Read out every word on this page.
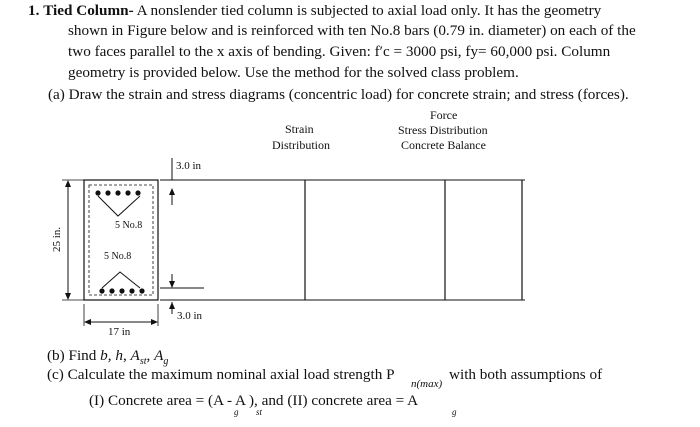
1. Tied Column- A nonslender tied column is subjected to axial load only. It has the geometry
shown in Figure below and is reinforced with ten No.8 bars (0.79 in. diameter) on each of the
two faces parallel to the x axis of bending. Given: f′c = 3000 psi, fy= 60,000 psi. Column
geometry is provided below. Use the method for the solved class problem.
(a) Draw the strain and stress diagrams (concentric load) for concrete strain; and stress (forces).
Strain
Distribution
Force
Stress Distribution
Concrete Balance
3.0 in
3.0 in
5 No.8
5 No.8
17 in
25 in.
(b) Find b, h, $A_{st}$, $A_g$
(c) Calculate the maximum nominal axial load strength P
n(max)
with both assumptions of
(I) Concrete area = (A - A ), and (II) concrete area = A
g st	g
